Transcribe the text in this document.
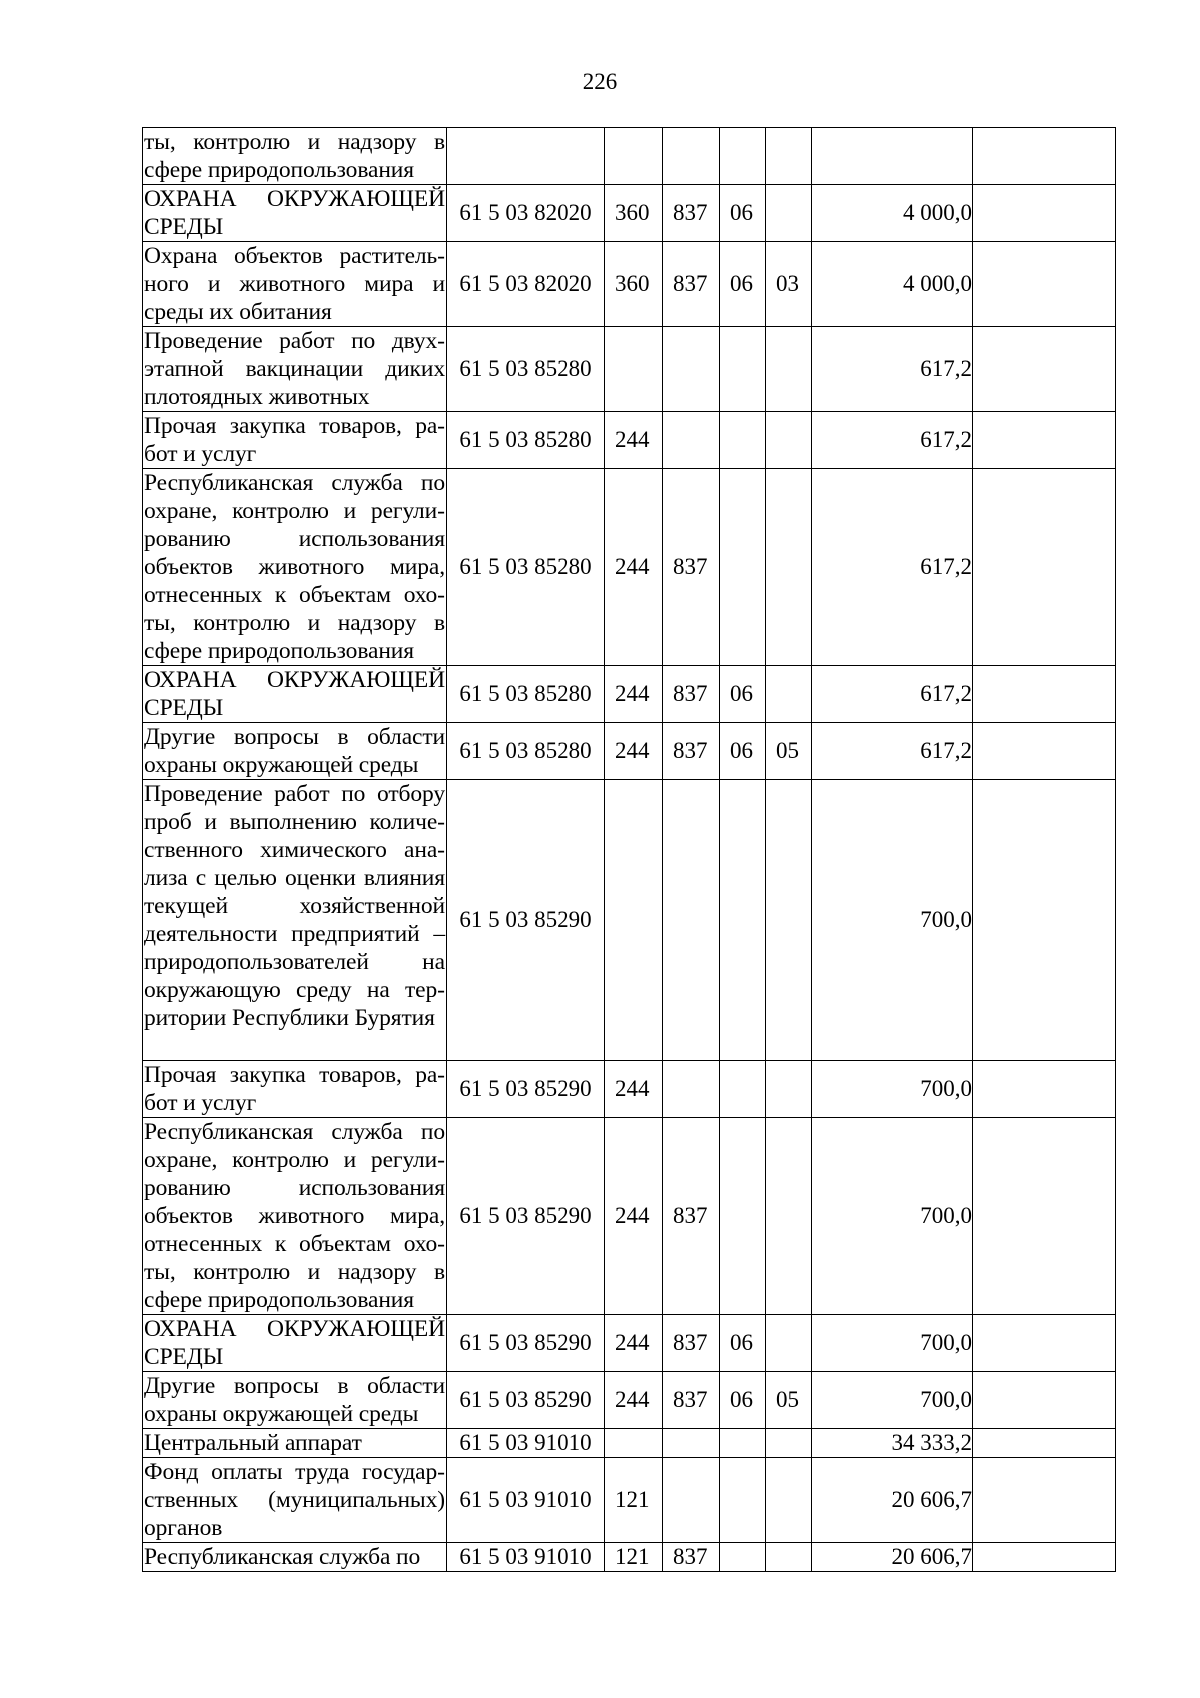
226
ты, контролю и надзору в сфере природопользования							
ОХРАНА ОКРУЖАЮЩЕЙ СРЕДЫ	61 5 03 82020	360	837	06		4 000,0	
Охрана объектов растительного и животного мира и среды их обитания	61 5 03 82020	360	837	06	03	4 000,0	
Проведение работ по двухэтапной вакцинации диких плотоядных животных	61 5 03 85280					617,2	
Прочая закупка товаров, работ и услуг	61 5 03 85280	244				617,2	
Республиканская служба по охране, контролю и регулированию использования объектов животного мира, отнесенных к объектам охоты, контролю и надзору в сфере природопользования	61 5 03 85280	244	837			617,2	
ОХРАНА ОКРУЖАЮЩЕЙ СРЕДЫ	61 5 03 85280	244	837	06		617,2	
Другие вопросы в области охраны окружающей среды	61 5 03 85280	244	837	06	05	617,2	
Проведение работ по отбору проб и выполнению количественного химического анализа с целью оценки влияния текущей хозяйственной деятельности предприятий – природопользователей на окружающую среду на территории Республики Бурятия	61 5 03 85290					700,0	
Прочая закупка товаров, работ и услуг	61 5 03 85290	244				700,0	
Республиканская служба по охране, контролю и регулированию использования объектов животного мира, отнесенных к объектам охоты, контролю и надзору в сфере природопользования	61 5 03 85290	244	837			700,0	
ОХРАНА ОКРУЖАЮЩЕЙ СРЕДЫ	61 5 03 85290	244	837	06		700,0	
Другие вопросы в области охраны окружающей среды	61 5 03 85290	244	837	06	05	700,0	
Центральный аппарат	61 5 03 91010					34 333,2	
Фонд оплаты труда государственных (муниципальных) органов	61 5 03 91010	121				20 606,7	
Республиканская служба по	61 5 03 91010	121	837			20 606,7	
